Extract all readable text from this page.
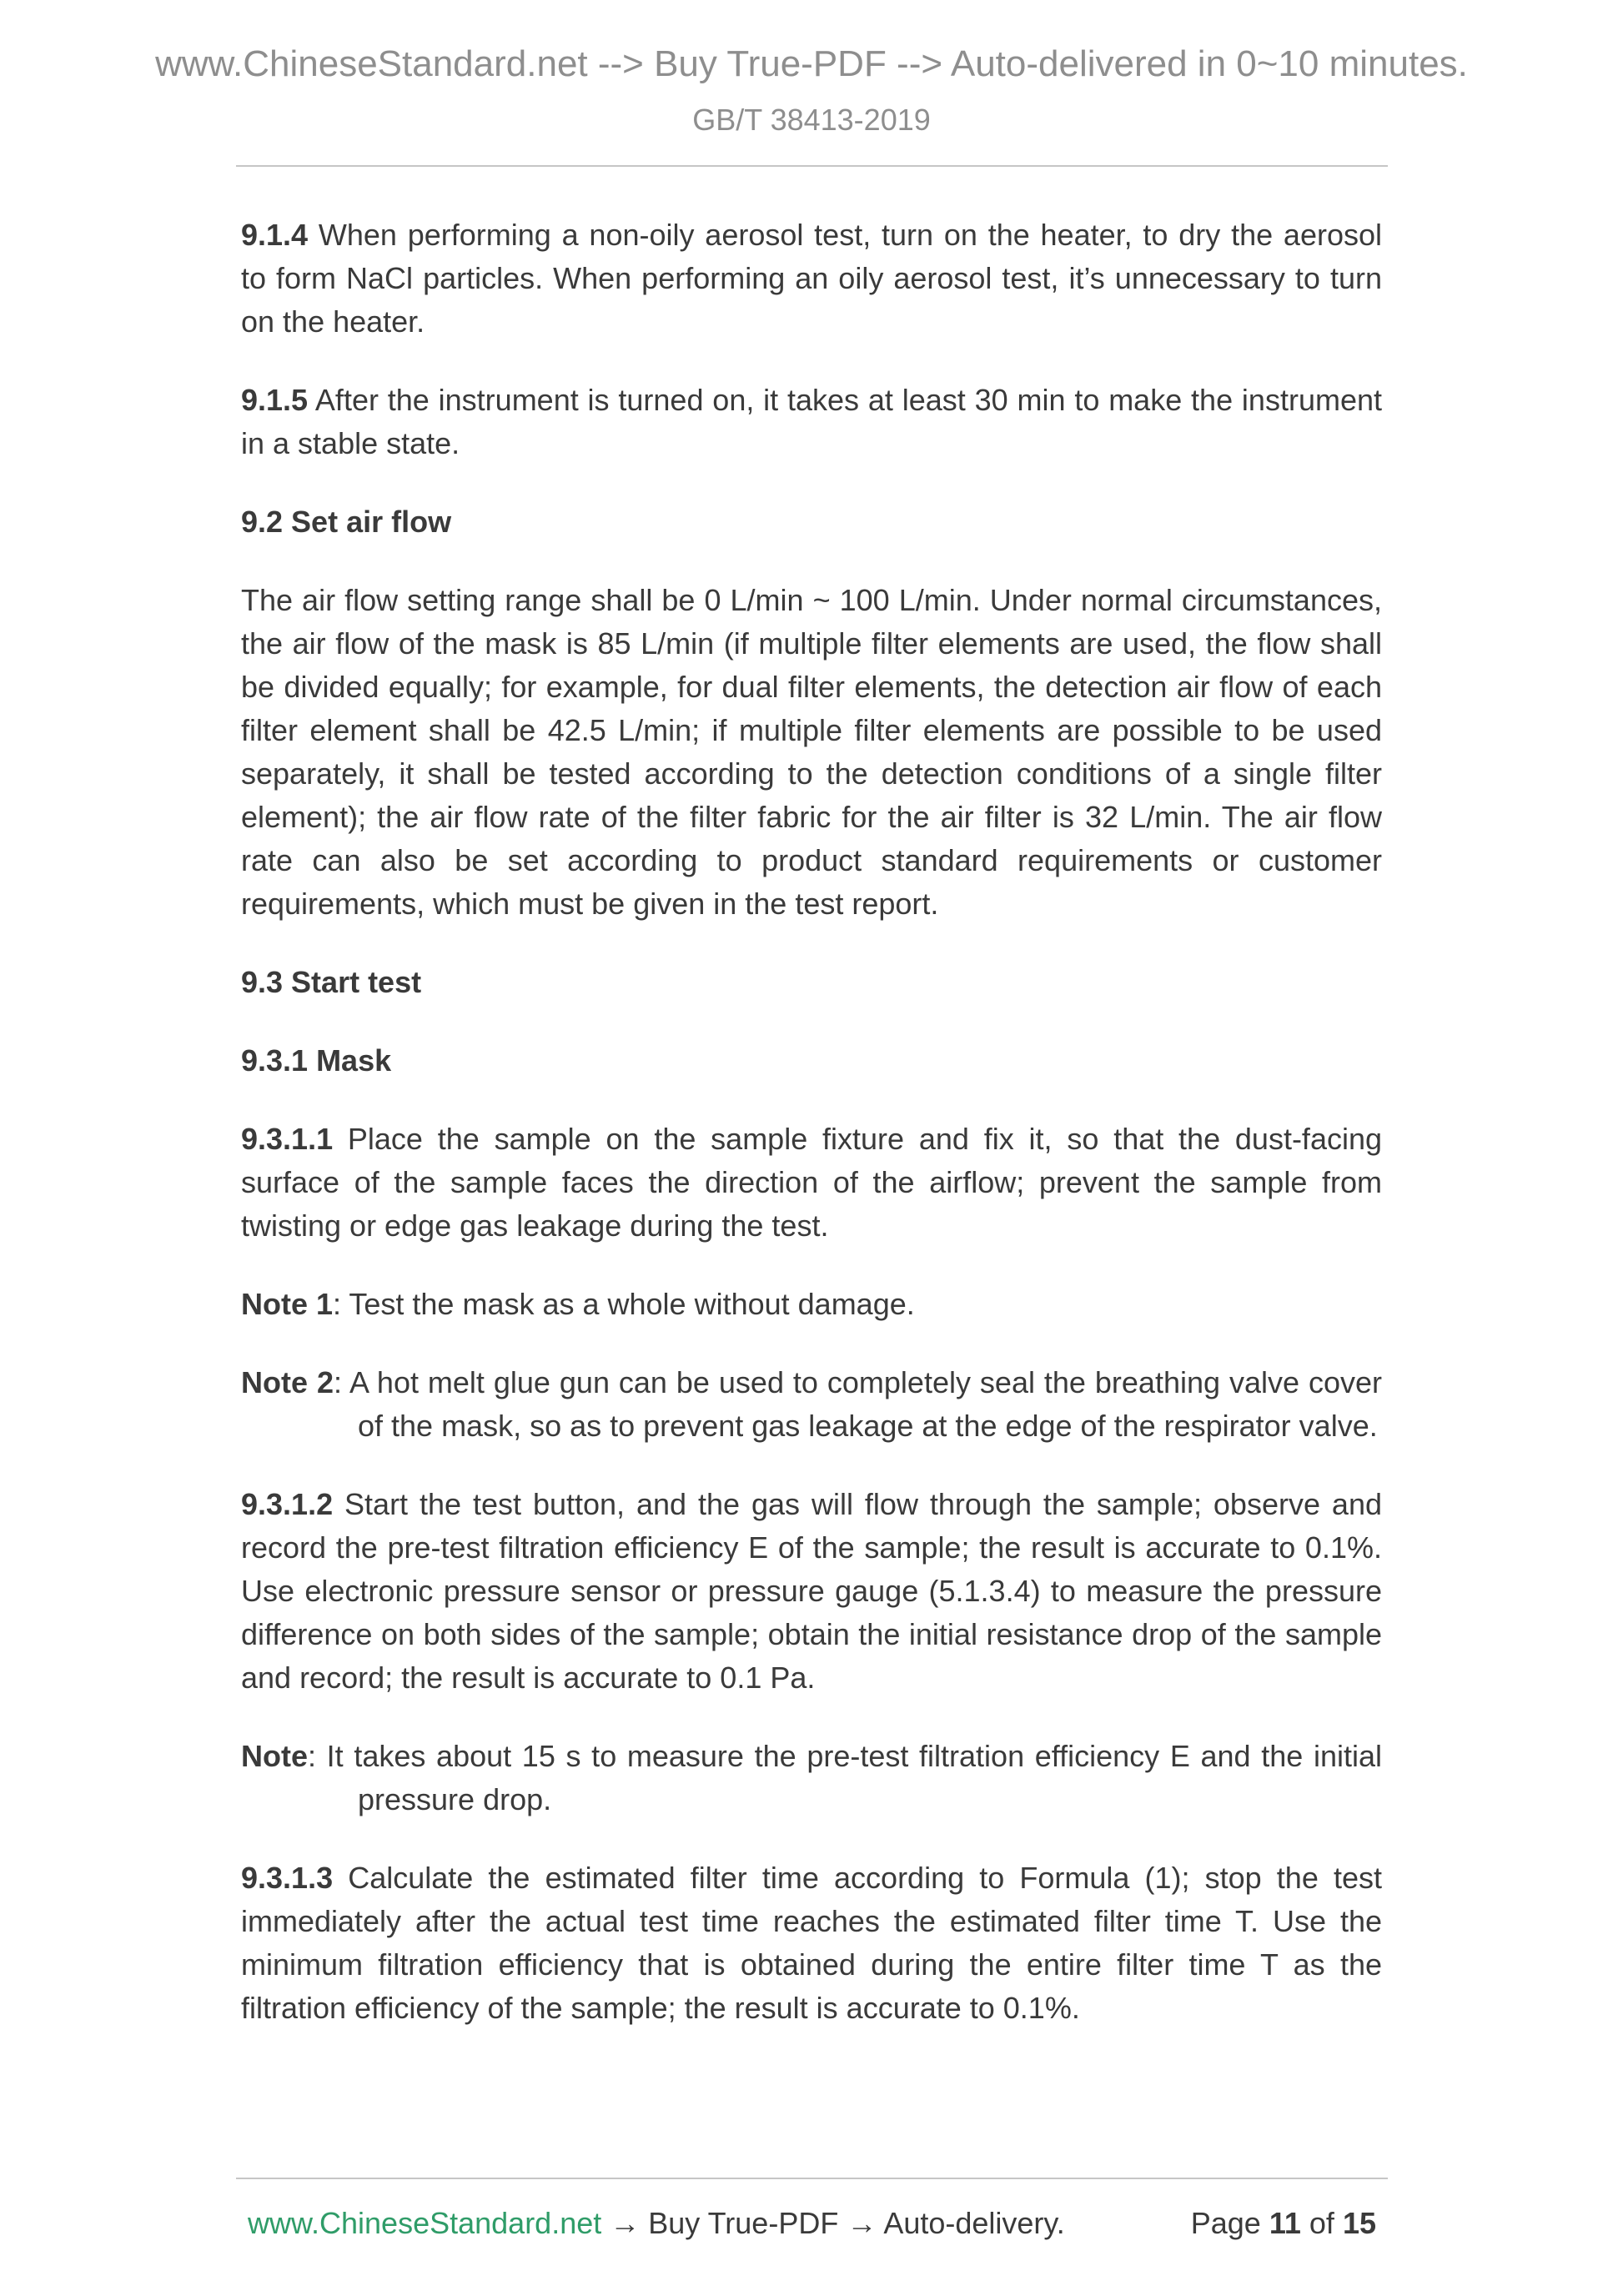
www.ChineseStandard.net --> Buy True-PDF --> Auto-delivered in 0~10 minutes.
GB/T 38413-2019

9.1.4 When performing a non-oily aerosol test, turn on the heater, to dry the aerosol to form NaCl particles. When performing an oily aerosol test, it’s unnecessary to turn on the heater.

9.1.5 After the instrument is turned on, it takes at least 30 min to make the instrument in a stable state.

9.2 Set air flow

The air flow setting range shall be 0 L/min ~ 100 L/min. Under normal circumstances, the air flow of the mask is 85 L/min (if multiple filter elements are used, the flow shall be divided equally; for example, for dual filter elements, the detection air flow of each filter element shall be 42.5 L/min; if multiple filter elements are possible to be used separately, it shall be tested according to the detection conditions of a single filter element); the air flow rate of the filter fabric for the air filter is 32 L/min. The air flow rate can also be set according to product standard requirements or customer requirements, which must be given in the test report.

9.3 Start test

9.3.1 Mask

9.3.1.1 Place the sample on the sample fixture and fix it, so that the dust-facing surface of the sample faces the direction of the airflow; prevent the sample from twisting or edge gas leakage during the test.

Note 1: Test the mask as a whole without damage.

Note 2: A hot melt glue gun can be used to completely seal the breathing valve cover of the mask, so as to prevent gas leakage at the edge of the respirator valve.

9.3.1.2 Start the test button, and the gas will flow through the sample; observe and record the pre-test filtration efficiency E of the sample; the result is accurate to 0.1%. Use electronic pressure sensor or pressure gauge (5.1.3.4) to measure the pressure difference on both sides of the sample; obtain the initial resistance drop of the sample and record; the result is accurate to 0.1 Pa.

Note: It takes about 15 s to measure the pre-test filtration efficiency E and the initial pressure drop.

9.3.1.3 Calculate the estimated filter time according to Formula (1); stop the test immediately after the actual test time reaches the estimated filter time T. Use the minimum filtration efficiency that is obtained during the entire filter time T as the filtration efficiency of the sample; the result is accurate to 0.1%.

www.ChineseStandard.net → Buy True-PDF → Auto-delivery.	Page 11 of 15
